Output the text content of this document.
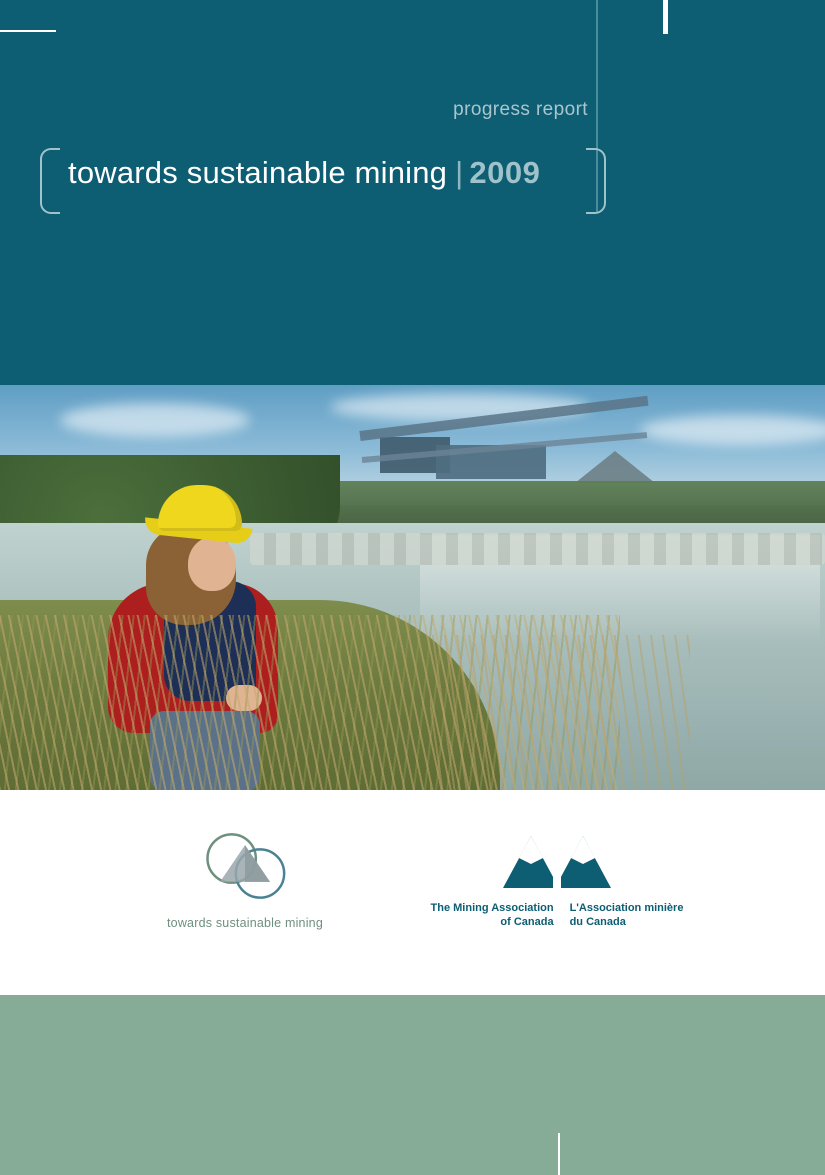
progress report
towards sustainable mining | 2009
towards sustainable mining
The Mining Association
of Canada
L'Association minière
du Canada
